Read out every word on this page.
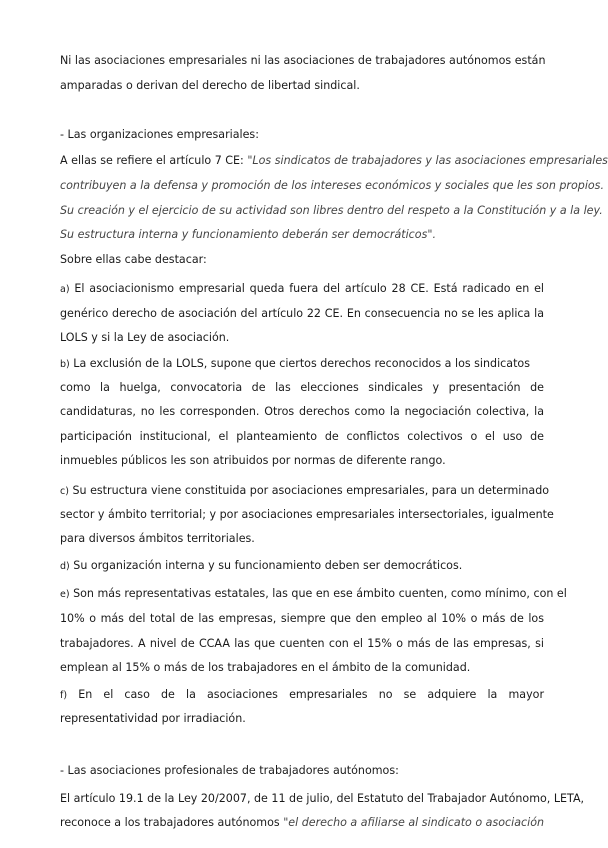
Ni las asociaciones empresariales ni las asociaciones de trabajadores autónomos están
amparadas o derivan del derecho de libertad sindical.
- Las organizaciones empresariales:
A ellas se refiere el artículo 7 CE: "Los sindicatos de trabajadores y las asociaciones empresariales
contribuyen a la defensa y promoción de los intereses económicos y sociales que les son propios.
Su creación y el ejercicio de su actividad son libres dentro del respeto a la Constitución y a la ley.
Su estructura interna y funcionamiento deberán ser democráticos".
Sobre ellas cabe destacar:
a) El asociacionismo empresarial queda fuera del artículo 28 CE. Está radicado en el
genérico derecho de asociación del artículo 22 CE. En consecuencia no se les aplica la
LOLS y si la Ley de asociación.
b) La exclusión de la LOLS, supone que ciertos derechos reconocidos a los sindicatos
como la huelga, convocatoria de las elecciones sindicales y presentación de
candidaturas, no les corresponden. Otros derechos como la negociación colectiva, la
participación institucional, el planteamiento de conflictos colectivos o el uso de
inmuebles públicos les son atribuidos por normas de diferente rango.
c) Su estructura viene constituida por asociaciones empresariales, para un determinado
sector y ámbito territorial; y por asociaciones empresariales intersectoriales, igualmente
para diversos ámbitos territoriales.
d) Su organización interna y su funcionamiento deben ser democráticos.
e) Son más representativas estatales, las que en ese ámbito cuenten, como mínimo, con el
10% o más del total de las empresas, siempre que den empleo al 10% o más de los
trabajadores. A nivel de CCAA las que cuenten con el 15% o más de las empresas, si
emplean al 15% o más de los trabajadores en el ámbito de la comunidad.
f) En el caso de la asociaciones empresariales no se adquiere la mayor
representatividad por irradiación.
- Las asociaciones profesionales de trabajadores autónomos:
El artículo 19.1 de la Ley 20/2007, de 11 de julio, del Estatuto del Trabajador Autónomo, LETA,
reconoce a los trabajadores autónomos "el derecho a afiliarse al sindicato o asociación
